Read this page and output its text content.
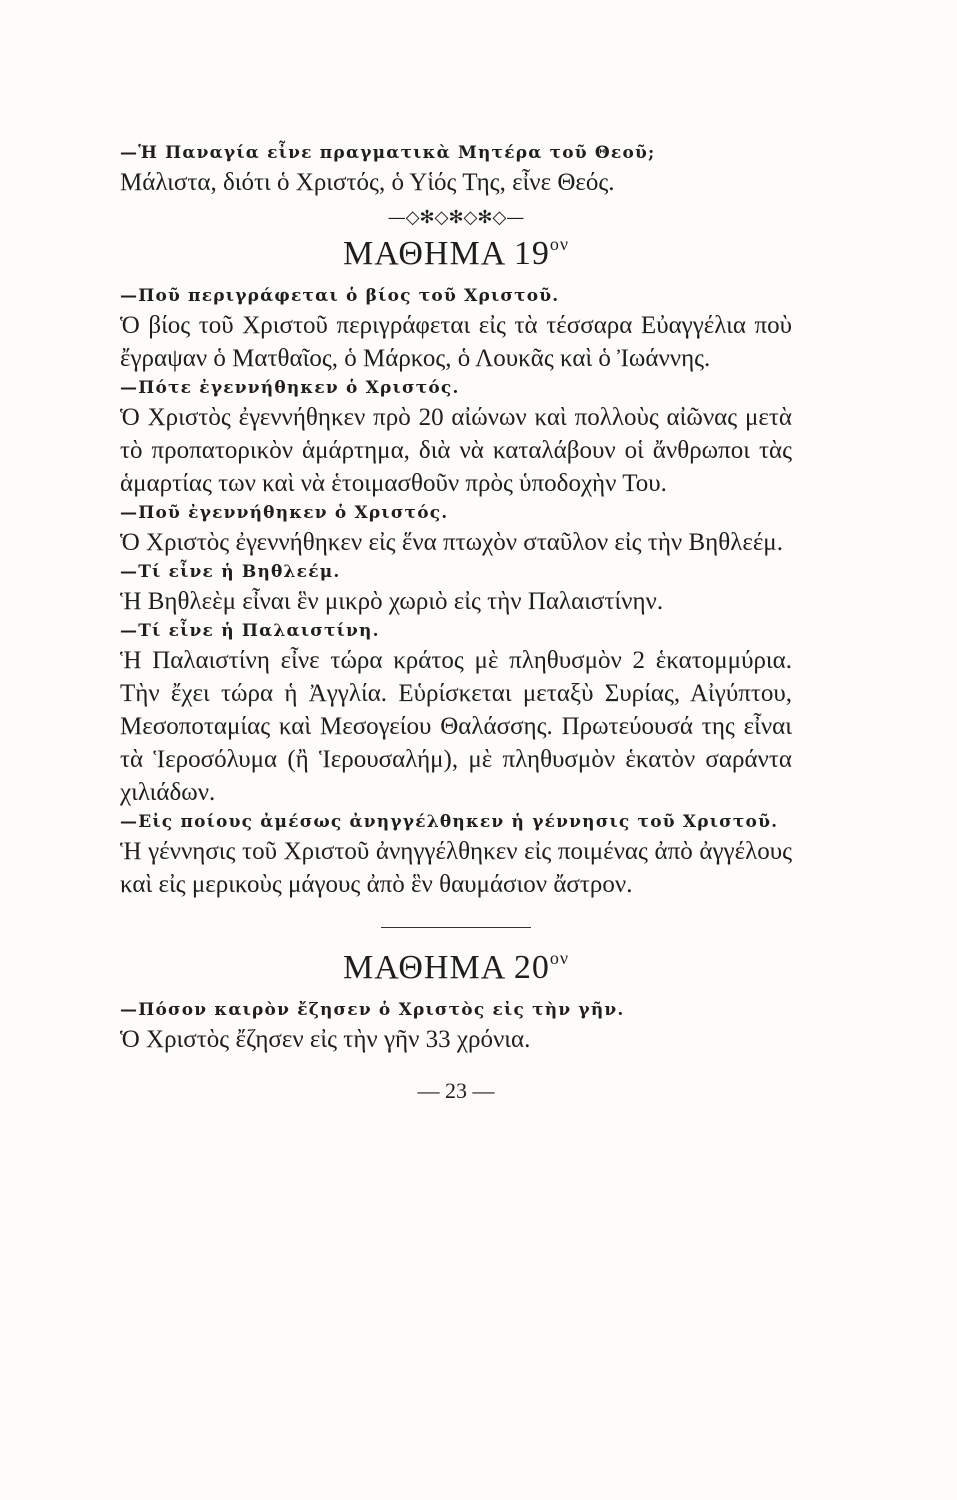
—Ἡ Παναγία εἶνε πραγματικὰ Μητέρα τοῦ Θεοῦ;

Μάλιστα, διότι ὁ Χριστός, ὁ Υἱός Της, εἶνε Θεός.

—◇✻◇✻◇✻◇—
ΜΑΘΗΜΑ $19^{o\nu}$

—Ποῦ περιγράφεται ὁ βίος τοῦ Χριστοῦ.

Ὁ βίος τοῦ Χριστοῦ περιγράφεται εἰς τὰ τέσσαρα Εὐαγγέλια ποὺ ἔγραψαν ὁ Ματθαῖος, ὁ Μάρκος, ὁ Λουκᾶς καὶ ὁ Ἰωάννης.

—Πότε ἐγεννήθηκεν ὁ Χριστός.

Ὁ Χριστὸς ἐγεννήθηκεν πρὸ 20 αἰώνων καὶ πολλοὺς αἰῶνας μετὰ τὸ προπατορικὸν ἁμάρτημα, διὰ νὰ καταλάβουν οἱ ἄνθρωποι τὰς ἁμαρτίας των καὶ νὰ ἑτοιμασθοῦν πρὸς ὑποδοχὴν Του.

—Ποῦ ἐγεννήθηκεν ὁ Χριστός.

Ὁ Χριστὸς ἐγεννήθηκεν εἰς ἕνα πτωχὸν σταῦλον εἰς τὴν Βηθλεέμ.

—Τί εἶνε ἡ Βηθλεέμ.

Ἡ Βηθλεὲμ εἶναι ἓν μικρὸ χωριὸ εἰς τὴν Παλαιστίνην.

—Τί εἶνε ἡ Παλαιστίνη.

Ἡ Παλαιστίνη εἶνε τώρα κράτος μὲ πληθυσμὸν 2 ἑκατομμύρια. Τὴν ἔχει τώρα ἡ Ἀγγλία. Εὑρίσκεται μεταξὺ Συρίας, Αἰγύπτου, Μεσοποταμίας καὶ Μεσογείου Θαλάσσης. Πρωτεύουσά της εἶναι τὰ Ἱεροσόλυμα (ἢ Ἱερουσαλήμ), μὲ πληθυσμὸν ἑκατὸν σαράντα χιλιάδων.

—Εἰς ποίους ἀμέσως ἀνηγγέλθηκεν ἡ γέννησις τοῦ Χριστοῦ.

Ἡ γέννησις τοῦ Χριστοῦ ἀνηγγέλθηκεν εἰς ποιμένας ἀπὸ ἀγγέλους καὶ εἰς μερικοὺς μάγους ἀπὸ ἓν θαυμάσιον ἄστρον.

ΜΑΘΗΜΑ $20^{o\nu}$

—Πόσον καιρὸν ἔζησεν ὁ Χριστὸς εἰς τὴν γῆν.

Ὁ Χριστὸς ἔζησεν εἰς τὴν γῆν 33 χρόνια.

— 23 —
